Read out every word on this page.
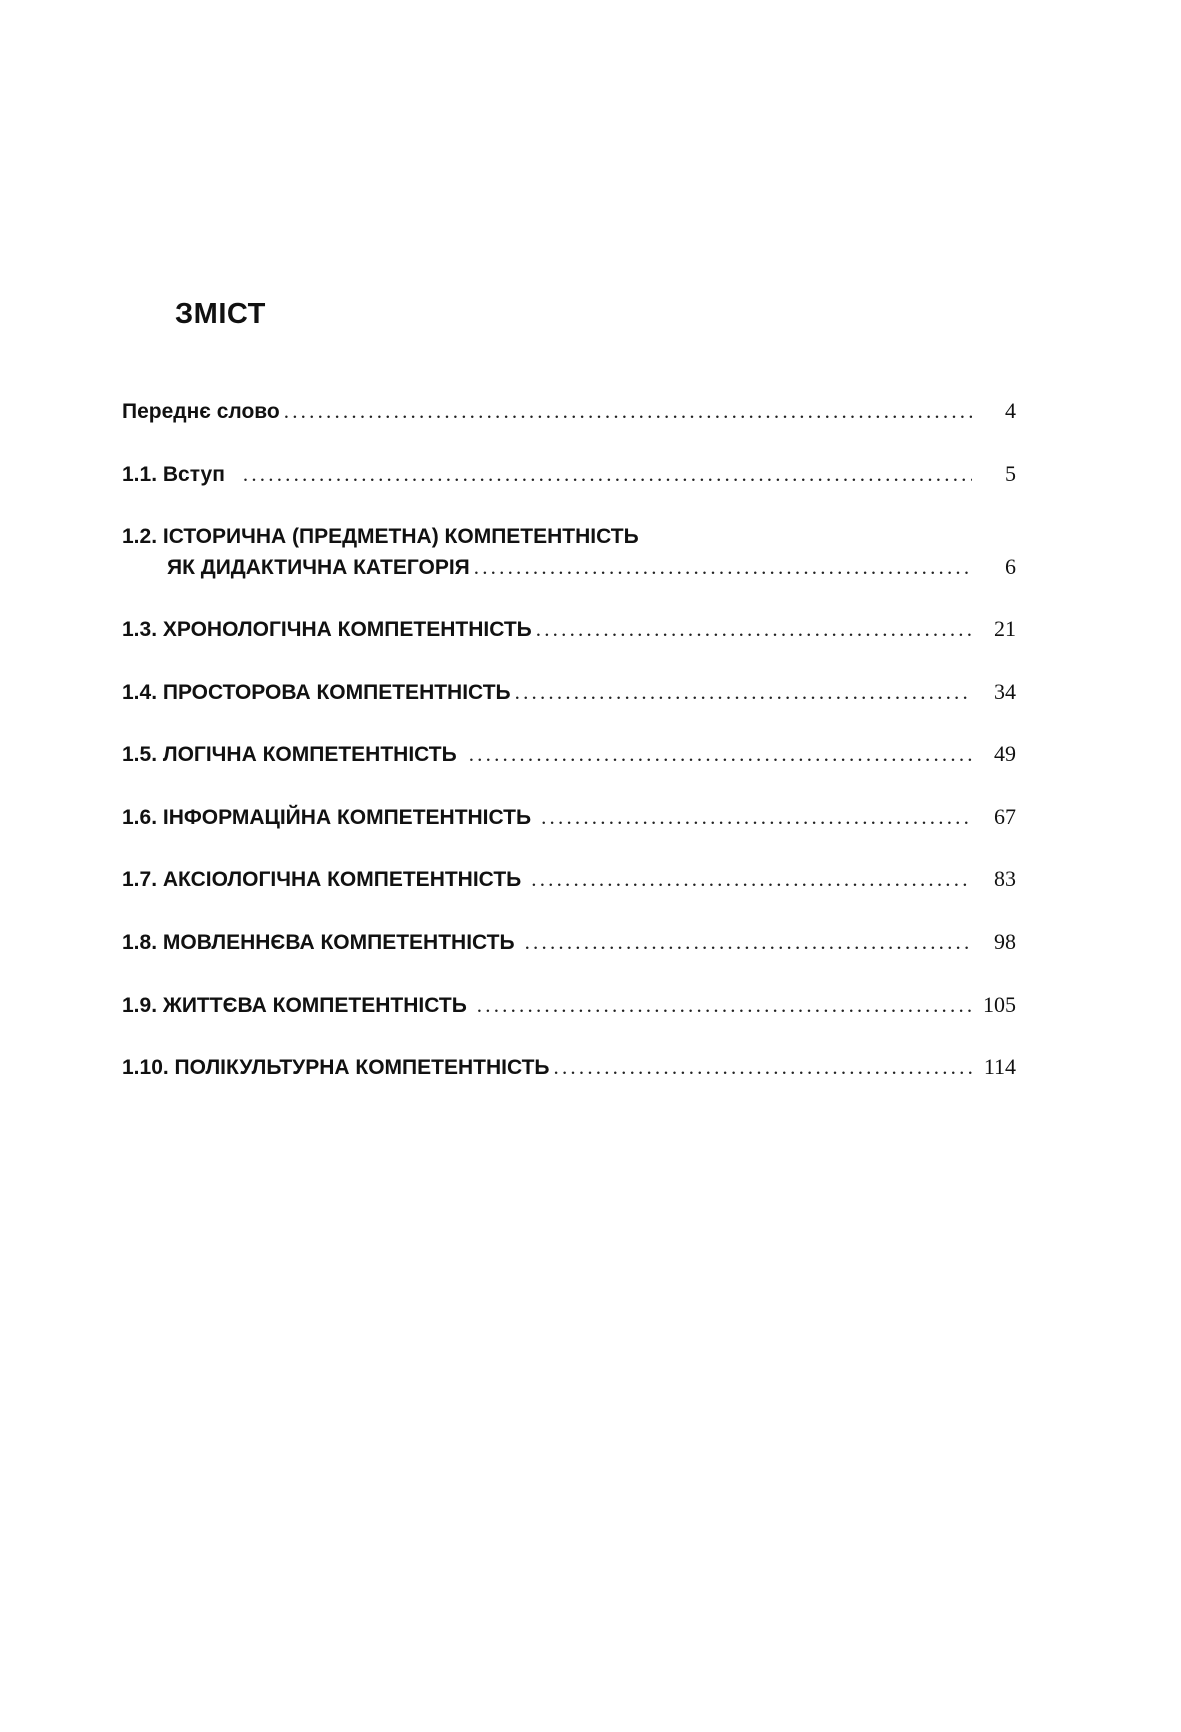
ЗМІСТ
Переднє слово .....	4
1.1. Вступ .....	5
1.2. ІСТОРИЧНА (ПРЕДМЕТНА) КОМПЕТЕНТНІСТЬ
ЯК ДИДАКТИЧНА КАТЕГОРІЯ .....	6
1.3. ХРОНОЛОГІЧНА КОМПЕТЕНТНІСТЬ .....	21
1.4. ПРОСТОРОВА КОМПЕТЕНТНІСТЬ .....	34
1.5. ЛОГІЧНА КОМПЕТЕНТНІСТЬ .....	49
1.6. ІНФОРМАЦІЙНА КОМПЕТЕНТНІСТЬ .....	67
1.7. АКСІОЛОГІЧНА КОМПЕТЕНТНІСТЬ .....	83
1.8. МОВЛЕННЄВА КОМПЕТЕНТНІСТЬ .....	98
1.9. ЖИТТЄВА КОМПЕТЕНТНІСТЬ .....	105
1.10. ПОЛІКУЛЬТУРНА КОМПЕТЕНТНІСТЬ .....	114
